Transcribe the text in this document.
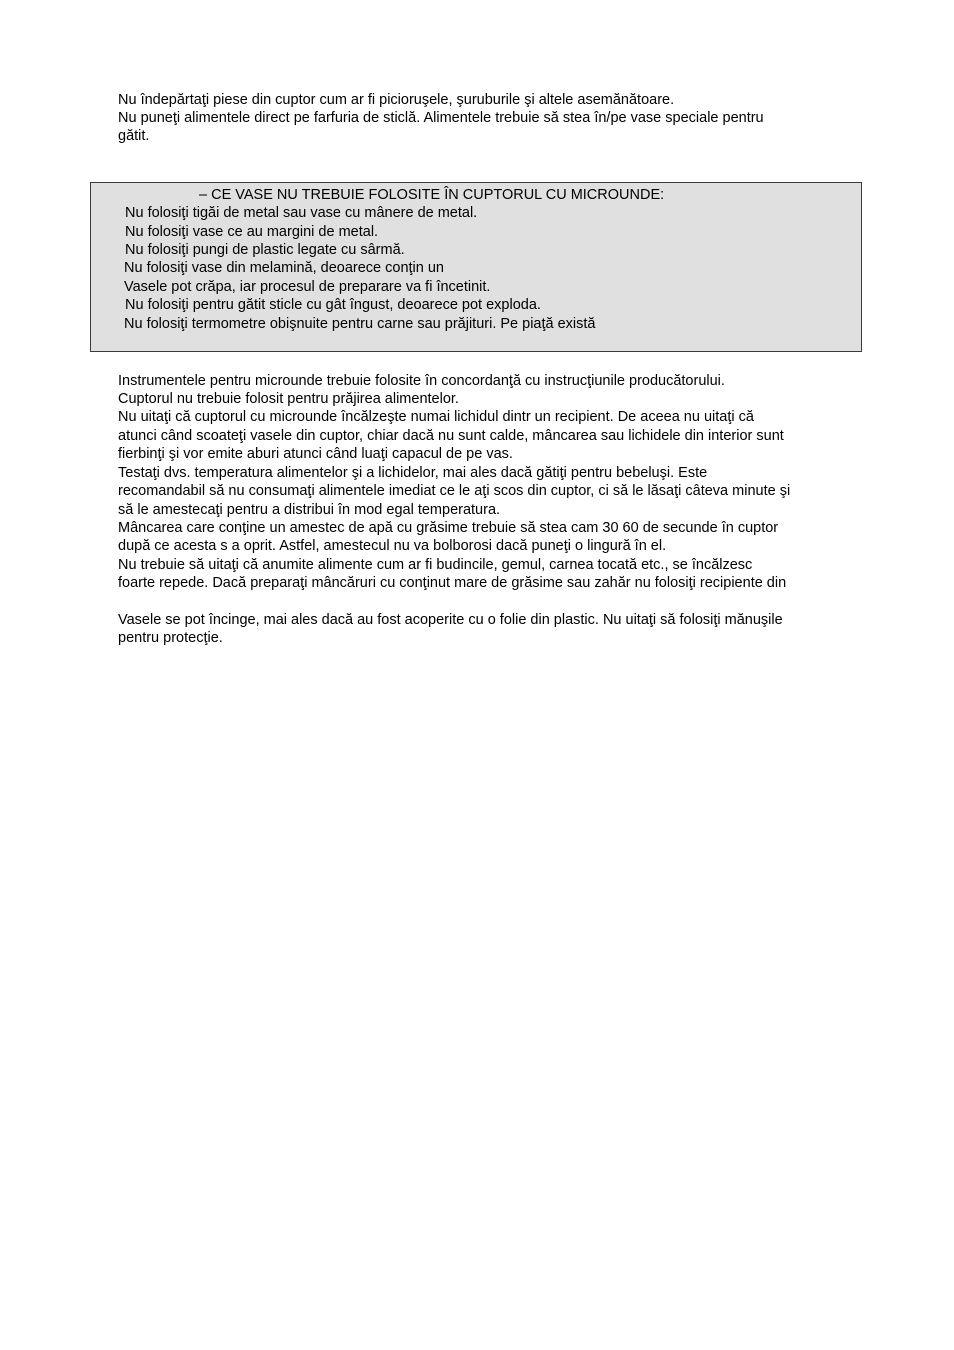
Nu îndepărtaţi piese din cuptor cum ar fi picioruşele, şuruburile şi altele asemănătoare.
Nu puneţi alimentele direct pe farfuria de sticlă. Alimentele trebuie să stea în/pe vase speciale pentru
gătit.
– CE VASE NU TREBUIE FOLOSITE ÎN CUPTORUL CU MICROUNDE:
Nu folosiţi tigăi de metal sau vase cu mânere de metal.
Nu folosiţi vase ce au margini de metal.
Nu folosiţi pungi de plastic legate cu sârmă.
Nu folosiţi vase din melamină, deoarece conţin un
Vasele pot crăpa, iar procesul de preparare va fi încetinit.
Nu folosiţi pentru gătit sticle cu gât îngust, deoarece pot exploda.
Nu folosiţi termometre obişnuite pentru carne sau prăjituri. Pe piaţă există
Instrumentele pentru microunde trebuie folosite în concordanţă cu instrucţiunile producătorului.
Cuptorul nu trebuie folosit pentru prăjirea alimentelor.
Nu uitaţi că cuptorul cu microunde încălzeşte numai lichidul dintr un recipient. De aceea nu uitaţi că
atunci când scoateţi vasele din cuptor, chiar dacă nu sunt calde, mâncarea sau lichidele din interior sunt
fierbinţi şi vor emite aburi atunci când luaţi capacul de pe vas.
Testaţi dvs. temperatura alimentelor şi a lichidelor, mai ales dacă gătiţi pentru bebeluşi. Este
recomandabil să nu consumaţi alimentele imediat ce le aţi scos din cuptor, ci să le lăsaţi câteva minute şi
să le amestecaţi pentru a distribui în mod egal temperatura.
Mâncarea care conţine un amestec de apă cu grăsime trebuie să stea cam 30 60 de secunde în cuptor
după ce acesta s a oprit. Astfel, amestecul nu va bolborosi dacă puneţi o lingură în el.
Nu trebuie să uitaţi că anumite alimente cum ar fi budincile, gemul, carnea tocată etc., se încălzesc
foarte repede. Dacă preparaţi mâncăruri cu conţinut mare de grăsime sau zahăr nu folosiţi recipiente din
Vasele se pot încinge, mai ales dacă au fost acoperite cu o folie din plastic. Nu uitaţi să folosiţi mănuşile
pentru protecţie.
